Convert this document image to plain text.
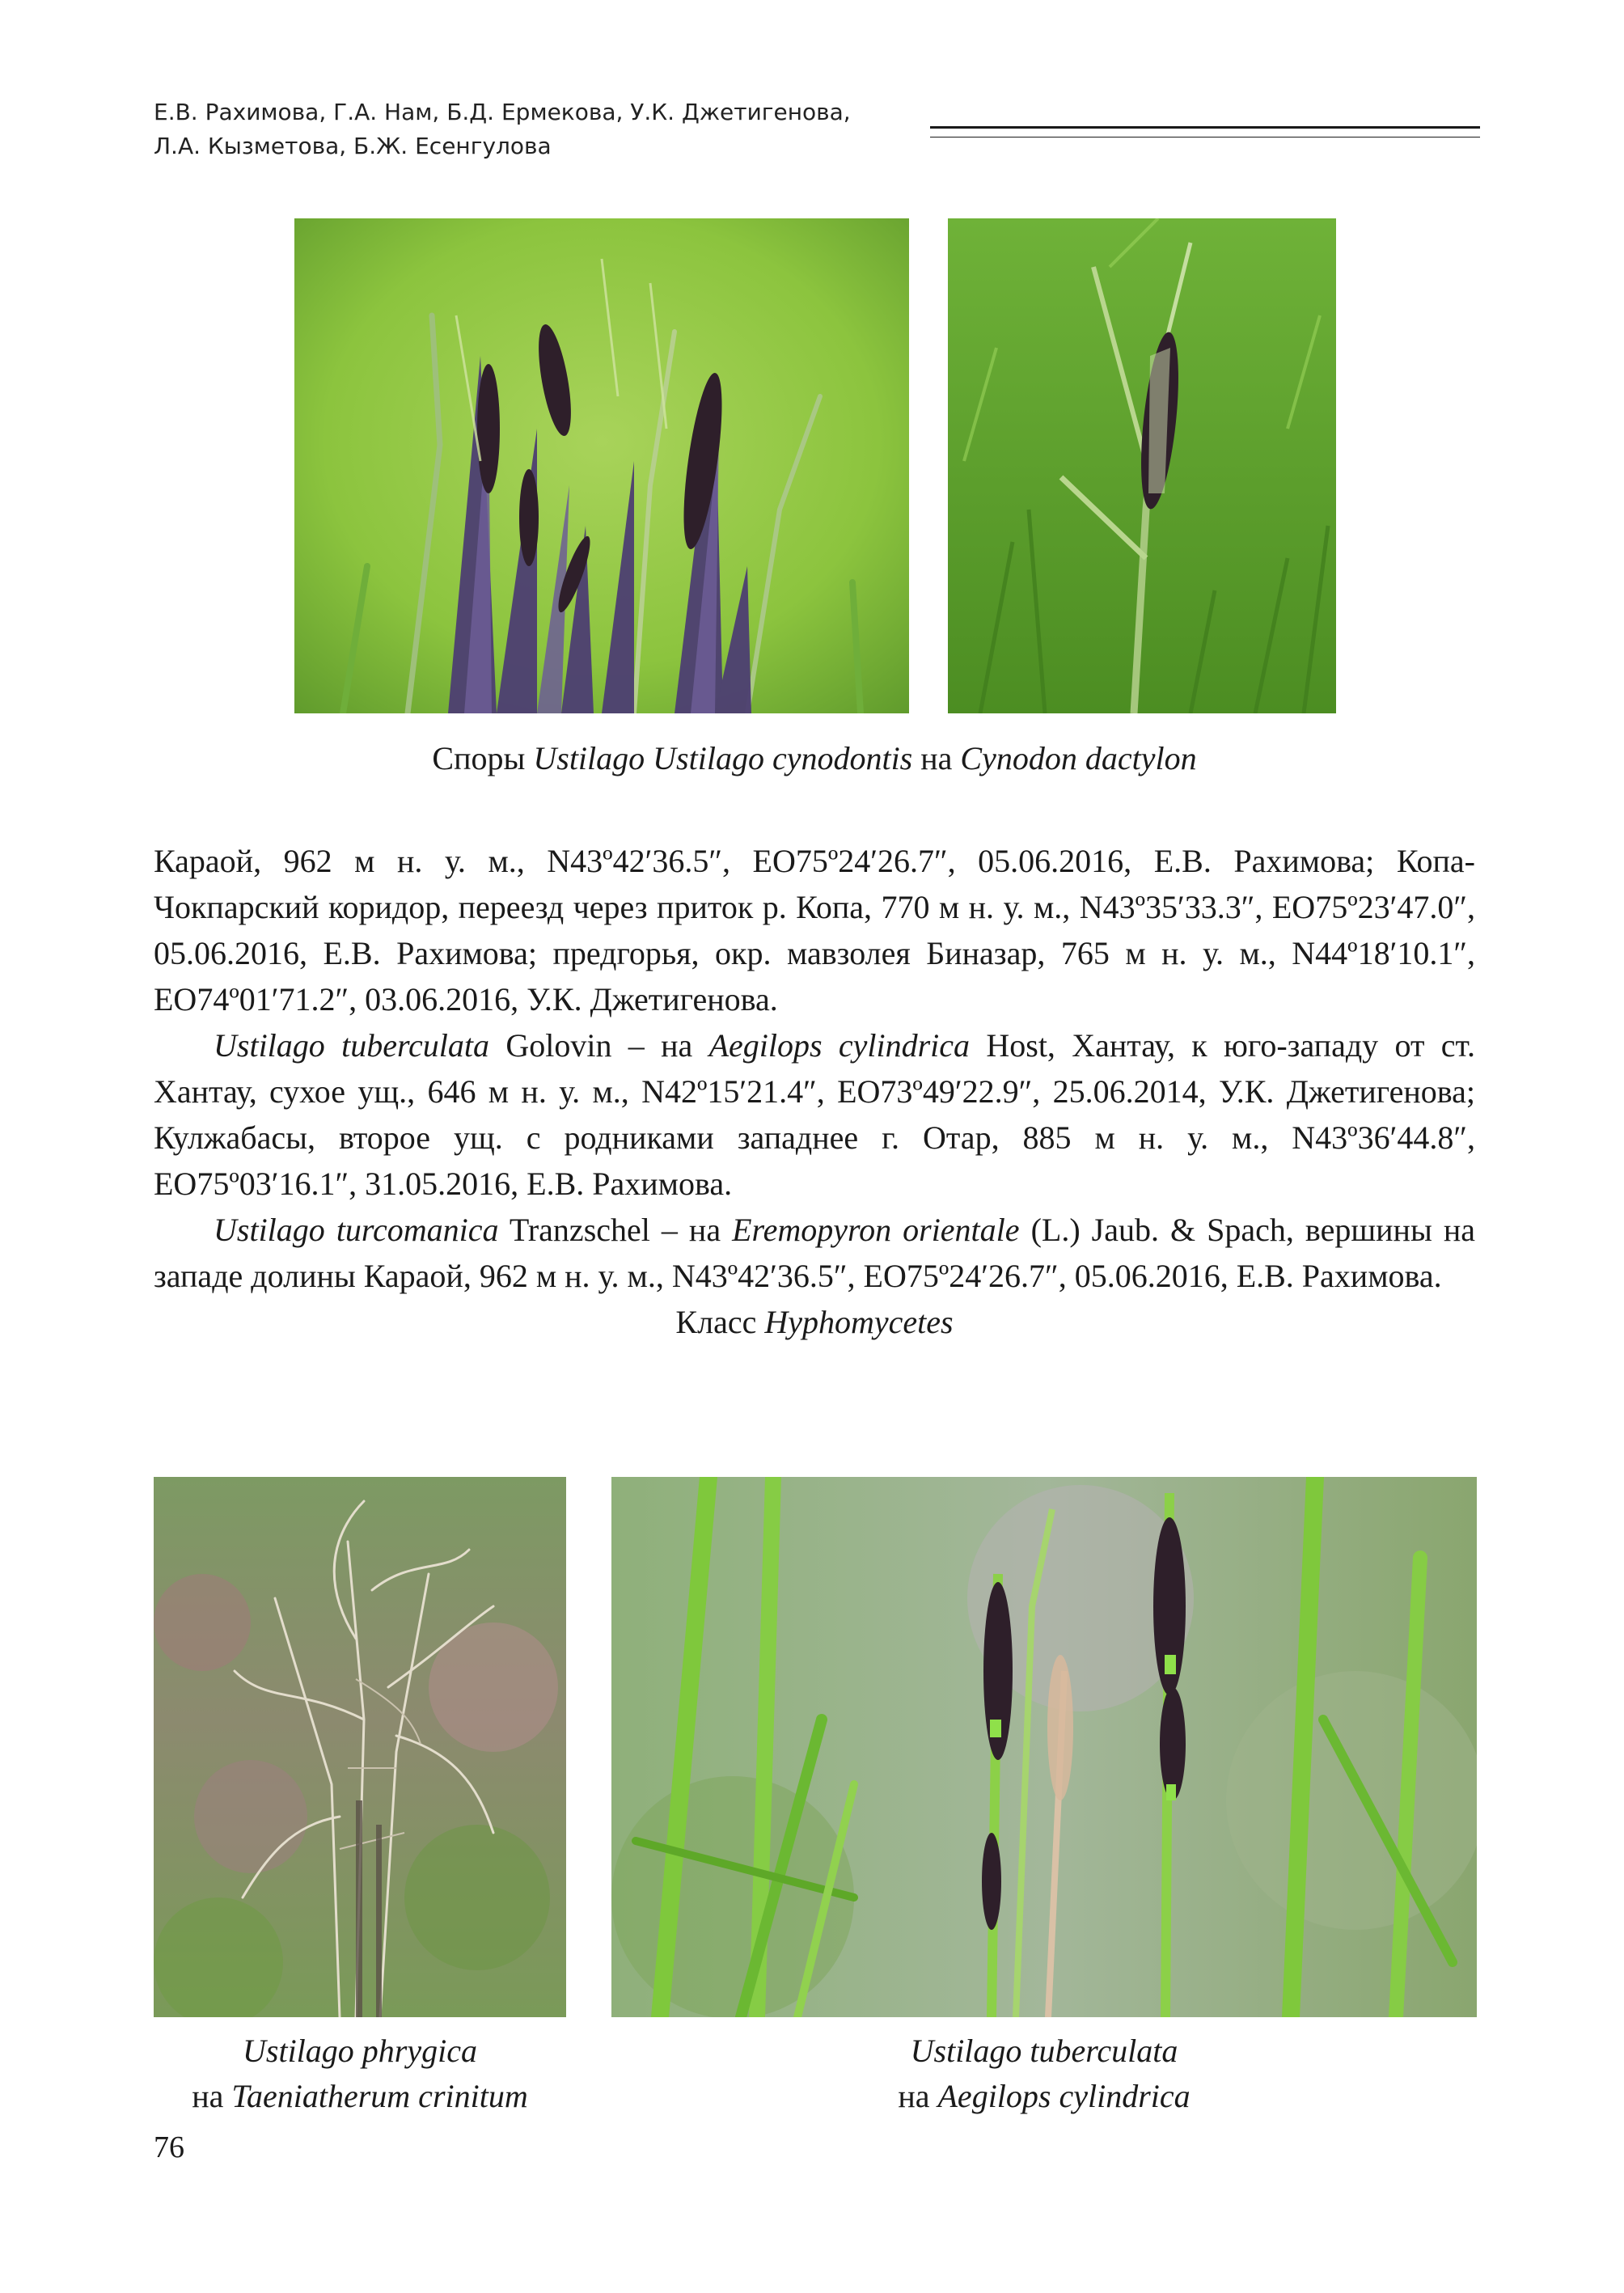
Е.В. Рахимова, Г.А. Нам, Б.Д. Ермекова, У.К. Джетигенова,
Л.А. Кызметова, Б.Ж. Есенгулова
Споры Ustilago Ustilago cynodontis на Cynodon dactylon

Караой, 962 м н. у. м., N43º42′36.5″, EO75º24′26.7″, 05.06.2016, Е.В. Рахимова; Копа-Чокпарский коридор, переезд через приток р. Копа, 770 м н. у. м., N43º35′33.3″, EO75º23′47.0″, 05.06.2016, Е.В. Рахимова; предгорья, окр. мавзолея Биназар, 765 м н. у. м., N44º18′10.1″, EO74º01′71.2″, 03.06.2016, У.К. Джетигенова.

Ustilago tuberculata Golovin – на Aegilops cylindrica Host, Хантау, к юго-западу от ст. Хантау, сухое ущ., 646 м н. у. м., N42º15′21.4″, EO73º49′22.9″, 25.06.2014, У.К. Джетигенова; Кулжабасы, второе ущ. с родниками западнее г. Отар, 885 м н. у. м., N43º36′44.8″, EO75º03′16.1″, 31.05.2016, Е.В. Рахимова.

Ustilago turcomanica Tranzschel – на Eremopyron orientale (L.) Jaub. & Spach, вершины на западе долины Караой, 962 м н. у. м., N43º42′36.5″, EO75º24′26.7″, 05.06.2016, Е.В. Рахимова.

Класс Hyphomycetes

Ustilago phrygica
на Taeniatherum crinitum
Ustilago tuberculata
на Aegilops cylindrica
76
